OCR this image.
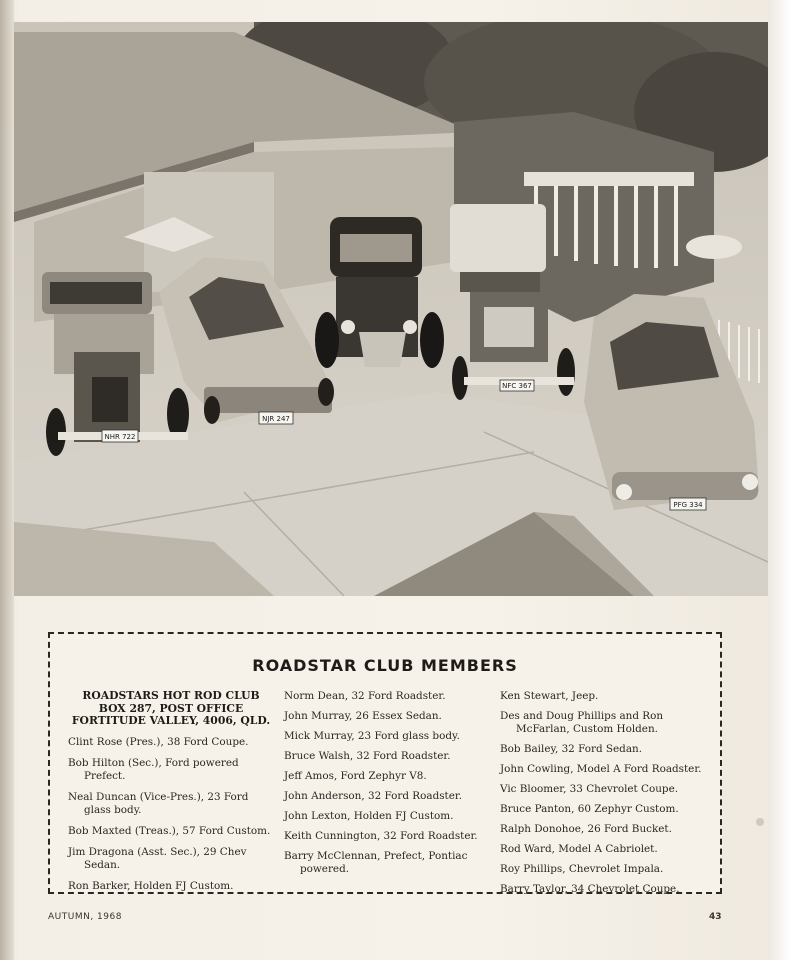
NHR 722
NJR 247
NFC 367
PFG 334
ROADSTAR CLUB MEMBERS
ROADSTARS HOT ROD CLUB
BOX 287, POST OFFICE
FORTITUDE VALLEY, 4006, QLD.
Clint Rose (Pres.), 38 Ford Coupe.
Bob Hilton (Sec.), Ford powered Prefect.
Neal Duncan (Vice-Pres.), 23 Ford glass body.
Bob Maxted (Treas.), 57 Ford Custom.
Jim Dragona (Asst. Sec.), 29 Chev Sedan.
Ron Barker, Holden FJ Custom.
Norm Dean, 32 Ford Roadster.
John Murray, 26 Essex Sedan.
Mick Murray, 23 Ford glass body.
Bruce Walsh, 32 Ford Roadster.
Jeff Amos, Ford Zephyr V8.
John Anderson, 32 Ford Roadster.
John Lexton, Holden FJ Custom.
Keith Cunnington, 32 Ford Roadster.
Barry McClennan, Prefect, Pontiac powered.
Ken Stewart, Jeep.
Des and Doug Phillips and Ron McFarlan, Custom Holden.
Bob Bailey, 32 Ford Sedan.
John Cowling, Model A Ford Roadster.
Vic Bloomer, 33 Chevrolet Coupe.
Bruce Panton, 60 Zephyr Custom.
Ralph Donohoe, 26 Ford Bucket.
Rod Ward, Model A Cabriolet.
Roy Phillips, Chevrolet Impala.
Barry Taylor, 34 Chevrolet Coupe.
AUTUMN, 1968	43
